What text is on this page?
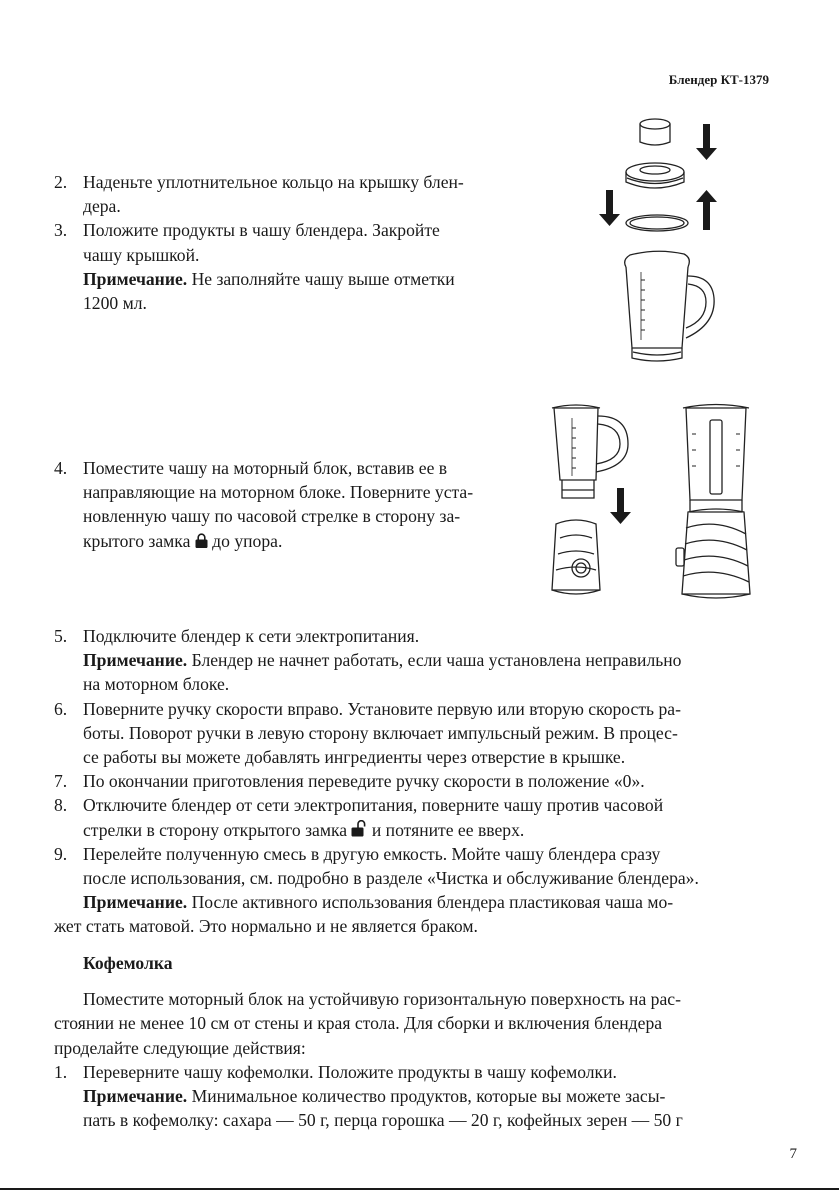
Блендер КТ-1379
2. Наденьте уплотнительное кольцо на крышку блен-
дера.
3. Положите продукты в чашу блендера. Закройте
чашу крышкой.
Примечание. Не заполняйте чашу выше отметки
1200 мл.
4. Поместите чашу на моторный блок, вставив ее в
направляющие на моторном блоке. Поверните уста-
новленную чашу по часовой стрелке в сторону за-
крытого замка  до упора.
5. Подключите блендер к сети электропитания.
Примечание. Блендер не начнет работать, если чаша установлена неправильно
на моторном блоке.
6. Поверните ручку скорости вправо. Установите первую или вторую скорость ра-
боты. Поворот ручки в левую сторону включает импульсный режим. В процес-
се работы вы можете добавлять ингредиенты через отверстие в крышке.
7. По окончании приготовления переведите ручку скорости в положение «0».
8. Отключите блендер от сети электропитания, поверните чашу против часовой
стрелки в сторону открытого замка  и потяните ее вверх.
9. Перелейте полученную смесь в другую емкость. Мойте чашу блендера сразу
после использования, см. подробно в разделе «Чистка и обслуживание блендера».
Примечание. После активного использования блендера пластиковая чаша мо-
жет стать матовой. Это нормально и не является браком.
Кофемолка
Поместите моторный блок на устойчивую горизонтальную поверхность на рас-
стоянии не менее 10 см от стены и края стола. Для сборки и включения блендера
проделайте следующие действия:
1. Переверните чашу кофемолки. Положите продукты в чашу кофемолки.
Примечание. Минимальное количество продуктов, которые вы можете засы-
пать в кофемолку: сахара — 50 г, перца горошка — 20 г, кофейных зерен — 50 г
7
